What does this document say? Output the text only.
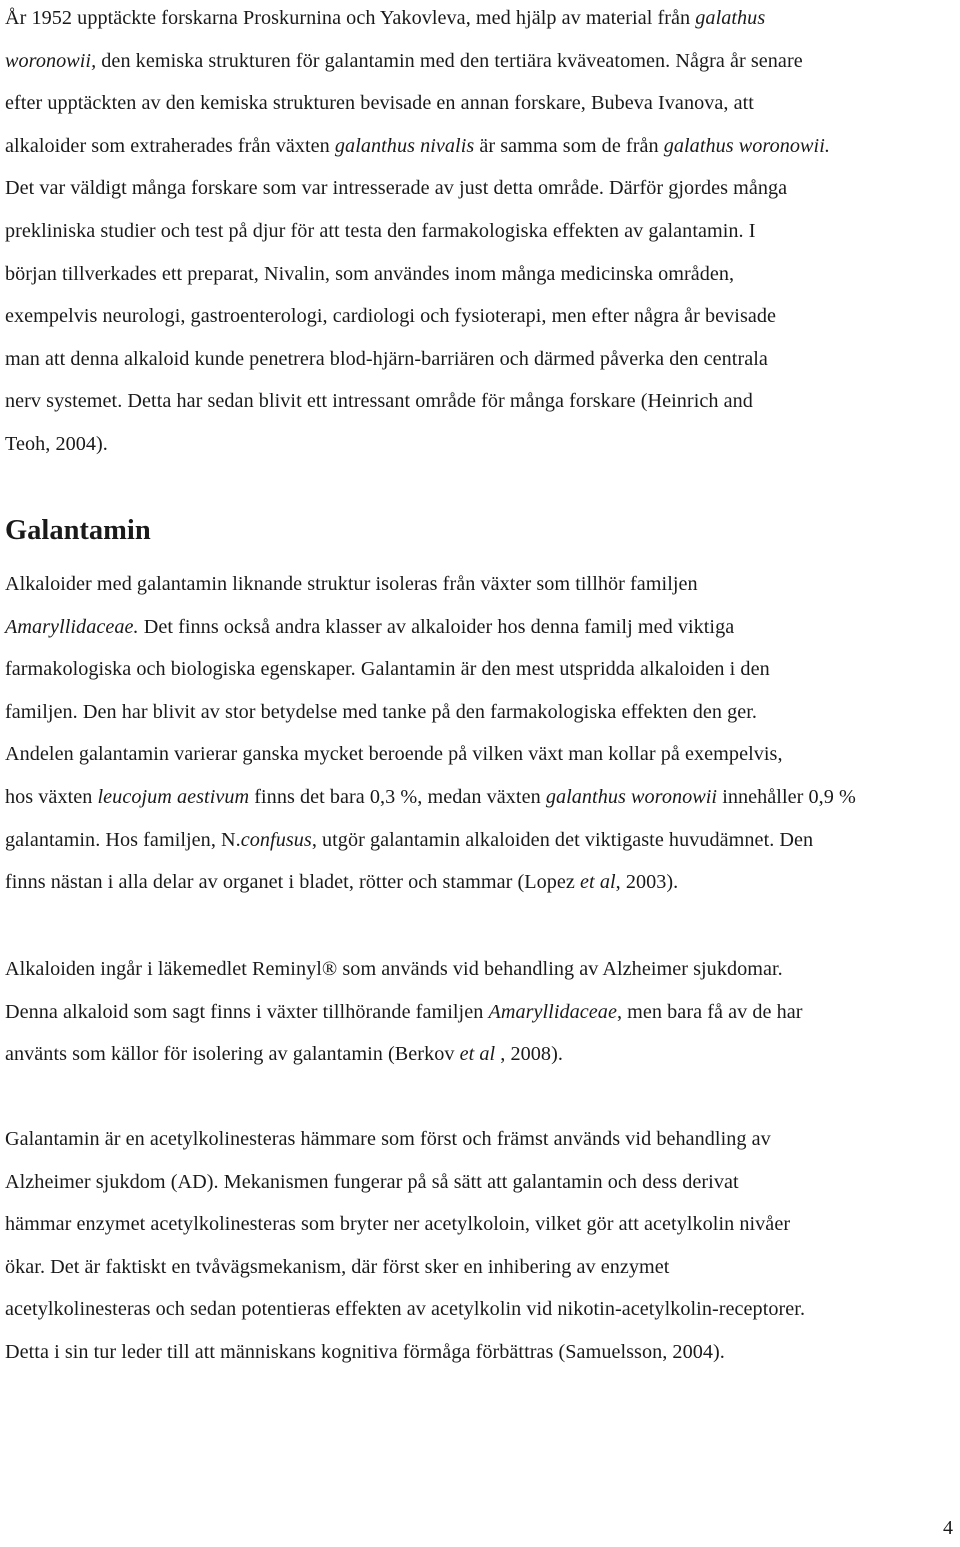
År 1952 upptäckte forskarna Proskurnina och Yakovleva, med hjälp av material från galathus
woronowii, den kemiska strukturen för galantamin med den tertiära kväveatomen. Några år senare
efter upptäckten av den kemiska strukturen bevisade en annan forskare, Bubeva Ivanova, att
alkaloider som extraherades från växten galanthus nivalis är samma som de från galathus woronowii.
Det var väldigt många forskare som var intresserade av just detta område. Därför gjordes många
prekliniska studier och test på djur för att testa den farmakologiska effekten av galantamin. I
början tillverkades ett preparat, Nivalin, som användes inom många medicinska områden,
exempelvis neurologi, gastroenterologi, cardiologi och fysioterapi, men efter några år bevisade
man att denna alkaloid kunde penetrera blod-hjärn-barriären och därmed påverka den centrala
nerv systemet. Detta har sedan blivit ett intressant område för många forskare (Heinrich and
Teoh, 2004).

Galantamin

Alkaloider med galantamin liknande struktur isoleras från växter som tillhör familjen
Amaryllidaceae. Det finns också andra klasser av alkaloider hos denna familj med viktiga
farmakologiska och biologiska egenskaper. Galantamin är den mest utspridda alkaloiden i den
familjen. Den har blivit av stor betydelse med tanke på den farmakologiska effekten den ger.
Andelen galantamin varierar ganska mycket beroende på vilken växt man kollar på exempelvis,
hos växten leucojum aestivum finns det bara 0,3 %, medan växten galanthus woronowii innehåller 0,9 %
galantamin. Hos familjen, N.confusus, utgör galantamin alkaloiden det viktigaste huvudämnet. Den
finns nästan i alla delar av organet i bladet, rötter och stammar (Lopez et al, 2003).

Alkaloiden ingår i läkemedlet Reminyl® som används vid behandling av Alzheimer sjukdomar.
Denna alkaloid som sagt finns i växter tillhörande familjen Amaryllidaceae, men bara få av de har
använts som källor för isolering av galantamin (Berkov et al , 2008).

Galantamin är en acetylkolinesteras hämmare som först och främst används vid behandling av
Alzheimer sjukdom (AD). Mekanismen fungerar på så sätt att galantamin och dess derivat
hämmar enzymet acetylkolinesteras som bryter ner acetylkoloin, vilket gör att acetylkolin nivåer
ökar. Det är faktiskt en tvåvägsmekanism, där först sker en inhibering av enzymet
acetylkolinesteras och sedan potentieras effekten av acetylkolin vid nikotin-acetylkolin-receptorer.
Detta i sin tur leder till att människans kognitiva förmåga förbättras (Samuelsson, 2004).

4
